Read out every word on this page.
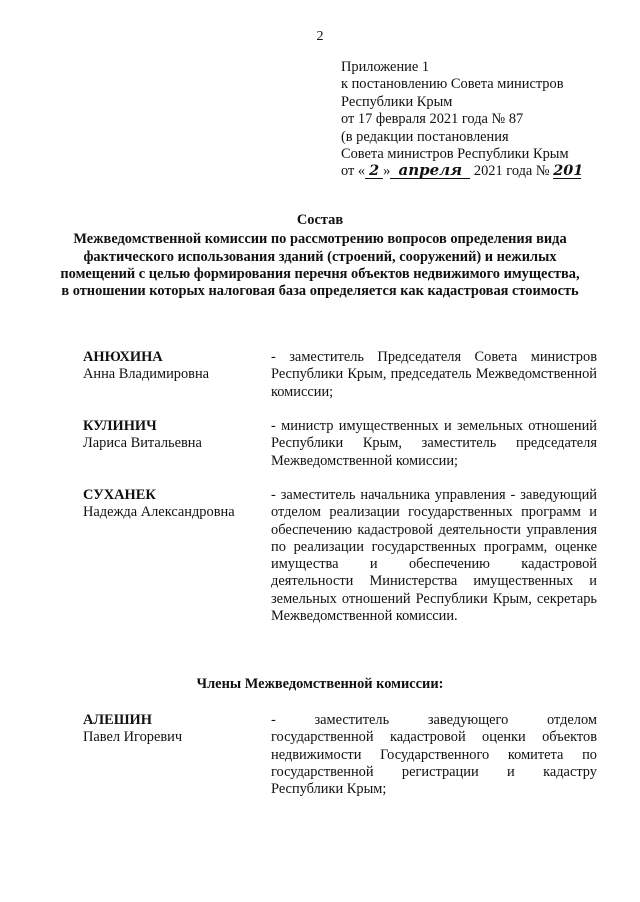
2
Приложение 1
к постановлению Совета министров
Республики Крым
от 17 февраля 2021 года № 87
(в редакции постановления
Совета министров Республики Крым
от « 2 » апреля 2021 года № 201
Состав
Межведомственной комиссии по рассмотрению вопросов определения вида фактического использования зданий (строений, сооружений) и нежилых помещений с целью формирования перечня объектов недвижимого имущества, в отношении которых налоговая база определяется как кадастровая стоимость
АНЮХИНА
Анна Владимировна
- заместитель Председателя Совета министров Республики Крым, председатель Межведомственной комиссии;
КУЛИНИЧ
Лариса Витальевна
- министр имущественных и земельных отношений Республики Крым, заместитель председателя Межведомственной комиссии;
СУХАНЕК
Надежда Александровна
- заместитель начальника управления - заведующий отделом реализации государственных программ и обеспечению кадастровой деятельности управления по реализации государственных программ, оценке имущества и обеспечению кадастровой деятельности Министерства имущественных и земельных отношений Республики Крым, секретарь Межведомственной комиссии.
Члены Межведомственной комиссии:
АЛЕШИН
Павел Игоревич
- заместитель заведующего отделом государственной кадастровой оценки объектов недвижимости Государственного комитета по государственной регистрации и кадастру Республики Крым;
